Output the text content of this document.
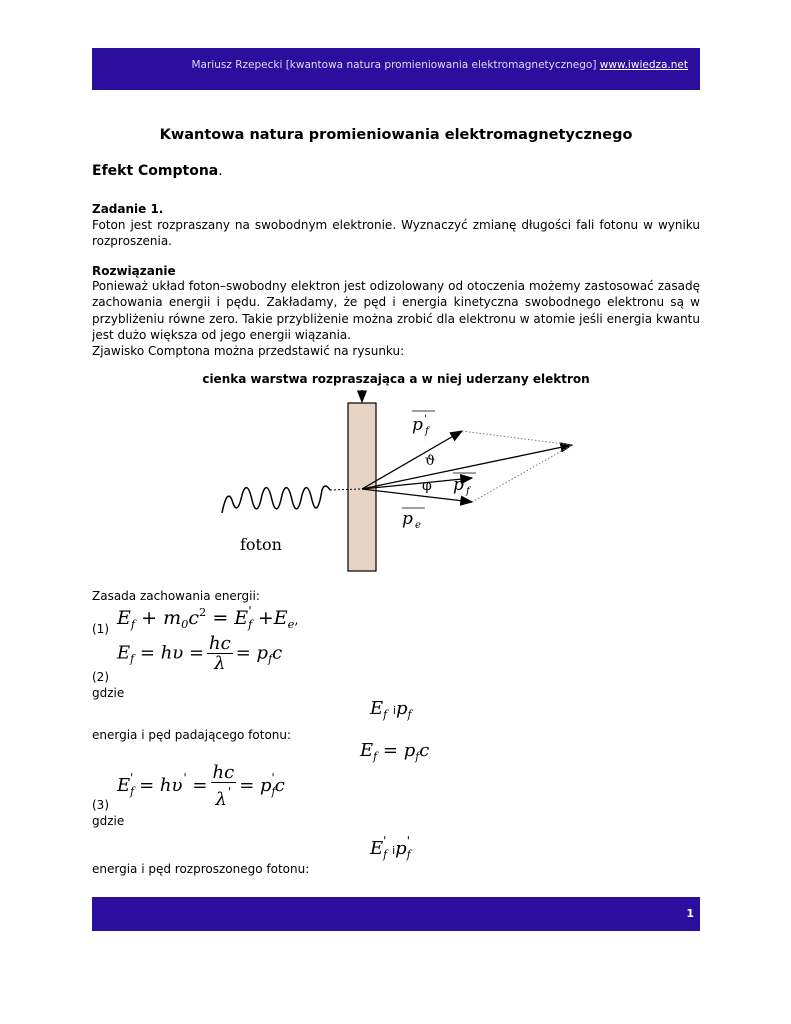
Mariusz Rzepecki [kwantowa natura promieniowania elektromagnetycznego] www.iwiedza.net
Kwantowa natura promieniowania elektromagnetycznego
Efekt Comptona.
Zadanie 1.
Foton jest rozpraszany na swobodnym elektronie. Wyznaczyć zmianę długości fali fotonu w wyniku rozproszenia.
Rozwiązanie
Ponieważ układ foton–swobodny elektron jest odizolowany od otoczenia możemy zastosować zasadę zachowania energii i pędu. Zakładamy, że pęd i energia kinetyczna swobodnego elektronu są w przybliżeniu równe zero. Takie przybliżenie można zrobić dla elektronu w atomie jeśli energia kwantu jest dużo większa od jego energii wiązania.
Zjawisko Comptona można przedstawić na rysunku:
cienka warstwa rozpraszająca a w niej uderzany elektron
p f
'
ϑ
φ p f
p e
foton
Zasada zachowania energii:
$E_f + m_0c^2 = E_f' +E_e$,
(1)
$E_f = h\upsilon = \frac{hc}{\lambda} = p_fc$
(2)
gdzie
$E_f$ $ip_f$
energia i pęd padającego fotonu:
$E_f = p_fc$
$E_f' = h\upsilon' = \frac{hc}{\lambda'} = p_f'c$
(3)
gdzie
$E_f'$ $ip_f'$
energia i pęd rozproszonego fotonu:
1
